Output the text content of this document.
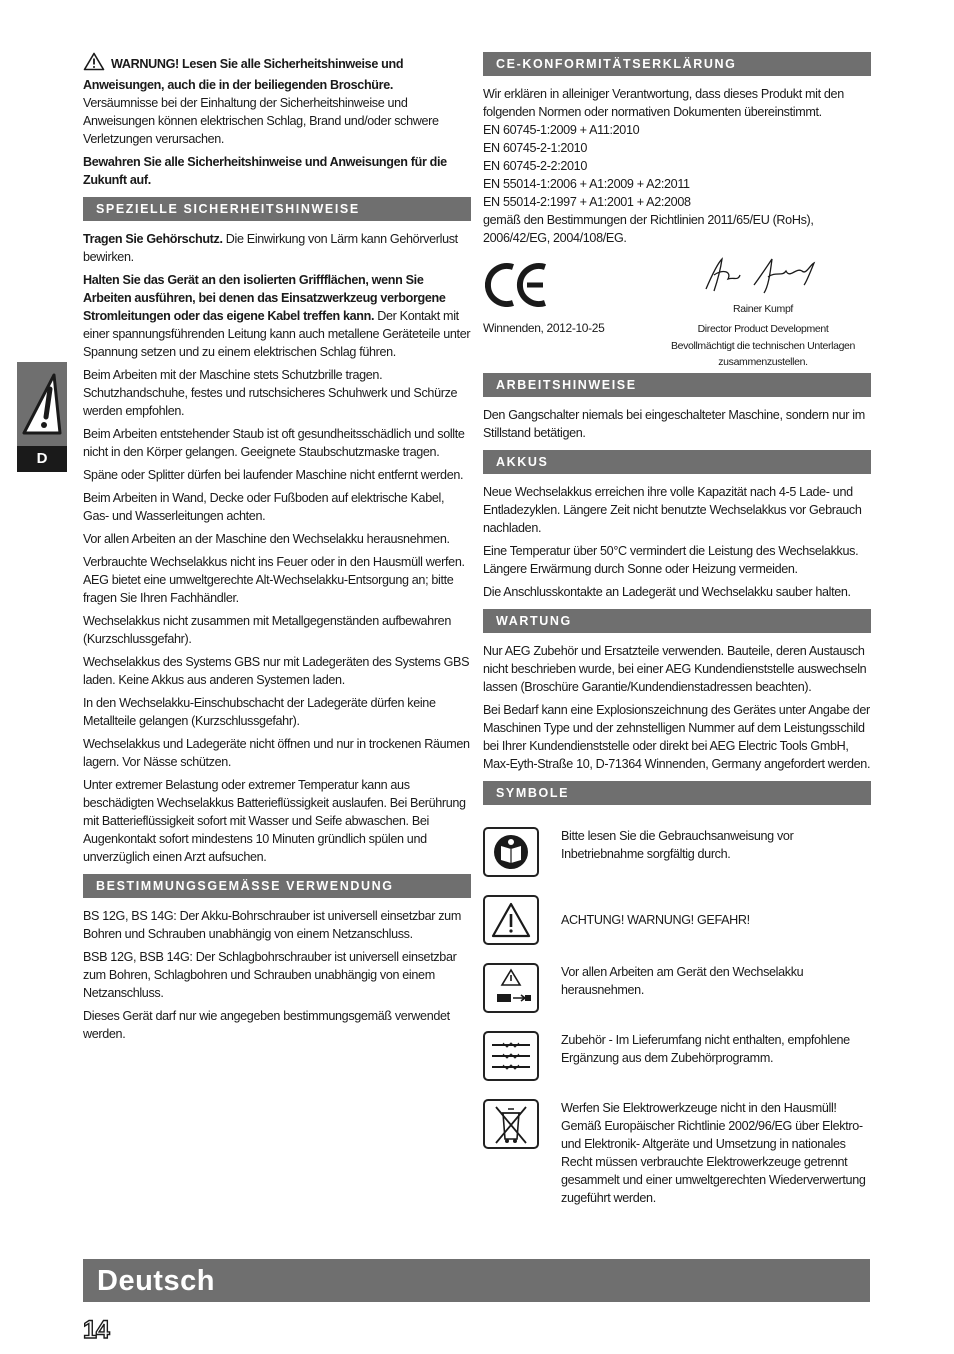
D

WARNUNG! Lesen Sie alle Sicherheitshinweise und Anweisungen, auch die in der beiliegenden Broschüre.
Versäumnisse bei der Einhaltung der Sicherheitshinweise und Anweisungen können elektrischen Schlag, Brand und/oder schwere Verletzungen verursachen.

Bewahren Sie alle Sicherheitshinweise und Anweisungen für die Zukunft auf.

SPEZIELLE SICHERHEITSHINWEISE

Tragen Sie Gehörschutz. Die Einwirkung von Lärm kann Gehörverlust bewirken.

Halten Sie das Gerät an den isolierten Griffflächen, wenn Sie Arbeiten ausführen, bei denen das Einsatzwerkzeug verborgene Stromleitungen oder das eigene Kabel treffen kann. Der Kontakt mit einer spannungsführenden Leitung kann auch metallene Geräteteile unter Spannung setzen und zu einem elektrischen Schlag führen.

Beim Arbeiten mit der Maschine stets Schutzbrille tragen. Schutzhandschuhe, festes und rutschsicheres Schuhwerk und Schürze werden empfohlen.

Beim Arbeiten entstehender Staub ist oft gesundheitsschädlich und sollte nicht in den Körper gelangen. Geeignete Staubschutzmaske tragen.

Späne oder Splitter dürfen bei laufender Maschine nicht entfernt werden.

Beim Arbeiten in Wand, Decke oder Fußboden auf elektrische Kabel, Gas- und Wasserleitungen achten.

Vor allen Arbeiten an der Maschine den Wechselakku herausnehmen.

Verbrauchte Wechselakkus nicht ins Feuer oder in den Hausmüll werfen. AEG bietet eine umweltgerechte Alt-Wechselakku-Entsorgung an; bitte fragen Sie Ihren Fachhändler.

Wechselakkus nicht zusammen mit Metallgegenständen aufbewahren (Kurzschlussgefahr).

Wechselakkus des Systems GBS nur mit Ladegeräten des Systems GBS laden. Keine Akkus aus anderen Systemen laden.

In den Wechselakku-Einschubschacht der Ladegeräte dürfen keine Metallteile gelangen (Kurzschlussgefahr).

Wechselakkus und Ladegeräte nicht öffnen und nur in trockenen Räumen lagern. Vor Nässe schützen.

Unter extremer Belastung oder extremer Temperatur kann aus beschädigten Wechselakkus Batterieflüssigkeit auslaufen. Bei Berührung mit Batterieflüssigkeit sofort mit Wasser und Seife abwaschen. Bei Augenkontakt sofort mindestens 10 Minuten gründlich spülen und unverzüglich einen Arzt aufsuchen.

BESTIMMUNGSGEMÄSSE VERWENDUNG

BS 12G, BS 14G: Der Akku-Bohrschrauber ist universell einsetzbar zum Bohren und Schrauben unabhängig von einem Netzanschluss.

BSB 12G, BSB 14G: Der Schlagbohrschrauber ist universell einsetzbar zum Bohren, Schlagbohren und Schrauben unabhängig von einem Netzanschluss.

Dieses Gerät darf nur wie angegeben bestimmungsgemäß verwendet werden.

CE-KONFORMITÄTSERKLÄRUNG

Wir erklären in alleiniger Verantwortung, dass dieses Produkt mit den folgenden Normen oder normativen Dokumenten übereinstimmt.

EN 60745-1:2009 + A11:2010

EN 60745-2-1:2010

EN 60745-2-2:2010

EN 55014-1:2006 + A1:2009 + A2:2011

EN 55014-2:1997 + A1:2001 + A2:2008

gemäß den Bestimmungen der Richtlinien 2011/65/EU (RoHs), 2006/42/EG, 2004/108/EG.

Winnenden, 2012-10-25
Rainer Kumpf
Director Product Development
Bevollmächtigt die technischen Unterlagen zusammenzustellen.
ARBEITSHINWEISE

Den Gangschalter niemals bei eingeschalteter Maschine, sondern nur im Stillstand betätigen.

AKKUS

Neue Wechselakkus erreichen ihre volle Kapazität nach 4-5 Lade- und Entladezyklen. Längere Zeit nicht benutzte Wechselakkus vor Gebrauch nachladen.

Eine Temperatur über 50°C vermindert die Leistung des Wechselakkus. Längere Erwärmung durch Sonne oder Heizung vermeiden.

Die Anschlusskontakte an Ladegerät und Wechselakku sauber halten.

WARTUNG

Nur AEG Zubehör und Ersatzteile verwenden. Bauteile, deren Austausch nicht beschrieben wurde, bei einer AEG Kundendienststelle auswechseln lassen (Broschüre Garantie/Kundendienstadressen beachten).

Bei Bedarf kann eine Explosionszeichnung des Gerätes unter Angabe der Maschinen Type und der zehnstelligen Nummer auf dem Leistungsschild bei Ihrer Kundendienststelle oder direkt bei AEG Electric Tools GmbH, Max-Eyth-Straße 10, D-71364 Winnenden, Germany angefordert werden.

SYMBOLE
Bitte lesen Sie die Gebrauchsanweisung vor Inbetriebnahme sorgfältig durch.
ACHTUNG! WARNUNG! GEFAHR!
Vor allen Arbeiten am Gerät den Wechselakku herausnehmen.
Zubehör - Im Lieferumfang nicht enthalten, empfohlene Ergänzung aus dem Zubehörprogramm.
Werfen Sie Elektrowerkzeuge nicht in den Hausmüll! Gemäß Europäischer Richtlinie 2002/96/EG über Elektro- und Elektronik- Altgeräte und Umsetzung in nationales Recht müssen verbrauchte Elektrowerkzeuge getrennt gesammelt und einer umweltgerechten Wiederverwertung zugeführt werden.
Deutsch
14
